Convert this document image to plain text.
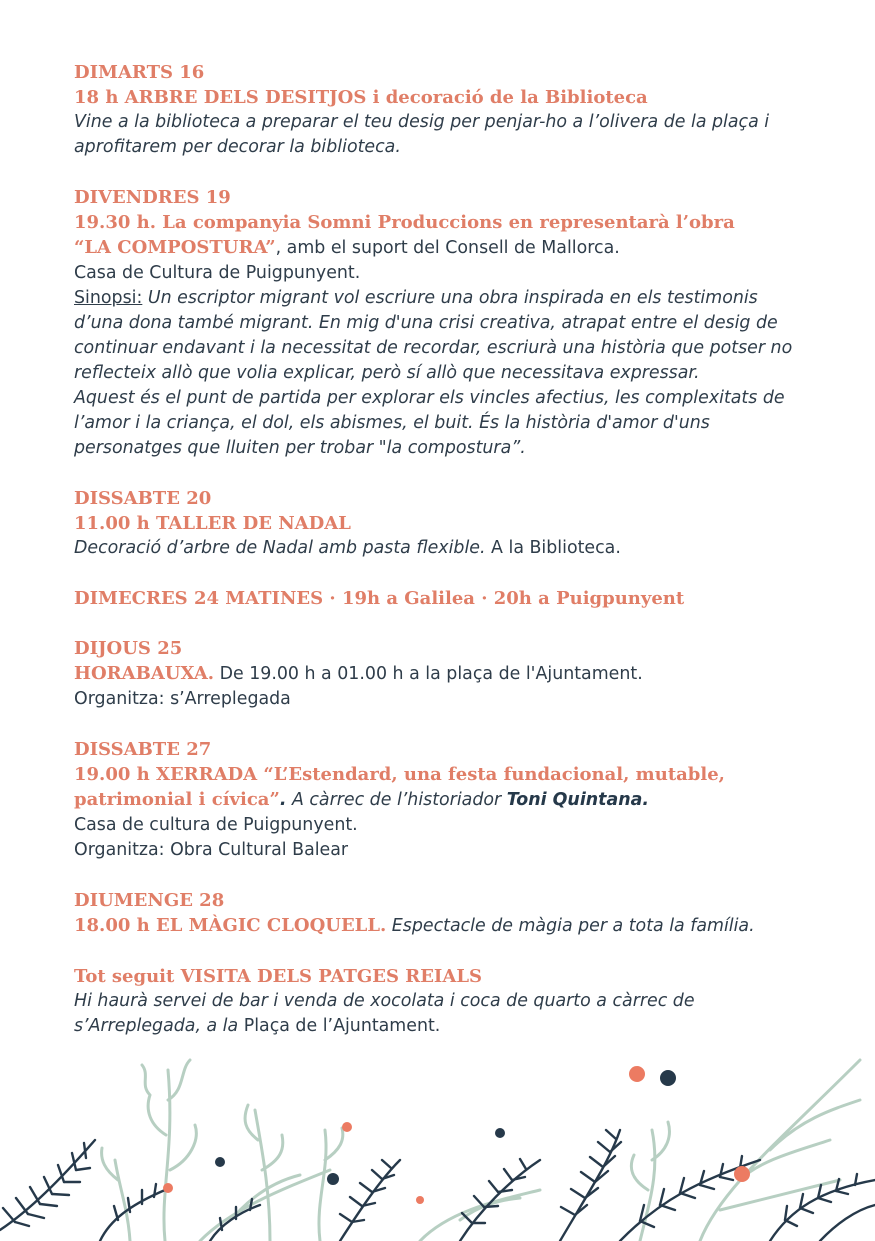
DIMARTS 16
18 h ARBRE DELS DESITJOS i decoració de la Biblioteca
Vine a la biblioteca a preparar el teu desig per penjar-ho a l’olivera de la plaça i
aprofitarem per decorar la biblioteca.
DIVENDRES 19
19.30 h. La companyia Somni Produccions en representarà l’obra
“LA COMPOSTURA”, amb el suport del Consell de Mallorca.
Casa de Cultura de Puigpunyent.
Sinopsi: Un escriptor migrant vol escriure una obra inspirada en els testimonis
d’una dona també migrant. En mig d'una crisi creativa, atrapat entre el desig de
continuar endavant i la necessitat de recordar, escriurà una història que potser no
reflecteix allò que volia explicar, però sí allò que necessitava expressar.
Aquest és el punt de partida per explorar els vincles afectius, les complexitats de
l’amor i la criança, el dol, els abismes, el buit. És la història d'amor d'uns
personatges que lluiten per trobar "la compostura”.
DISSABTE 20
11.00 h TALLER DE NADAL
Decoració d’arbre de Nadal amb pasta flexible. A la Biblioteca.
DIMECRES 24 MATINES · 19h a Galilea · 20h a Puigpunyent
DIJOUS 25
HORABAUXA. De 19.00 h a 01.00 h a la plaça de l'Ajuntament.
Organitza: s’Arreplegada
DISSABTE 27
19.00 h XERRADA “L’Estendard, una festa fundacional, mutable,
patrimonial i cívica”. A càrrec de l’historiador Toni Quintana.
Casa de cultura de Puigpunyent.
Organitza: Obra Cultural Balear
DIUMENGE 28
18.00 h EL MÀGIC CLOQUELL. Espectacle de màgia per a tota la família.
Tot seguit VISITA DELS PATGES REIALS
Hi haurà servei de bar i venda de xocolata i coca de quarto a càrrec de
s’Arreplegada, a la Plaça de l’Ajuntament.
